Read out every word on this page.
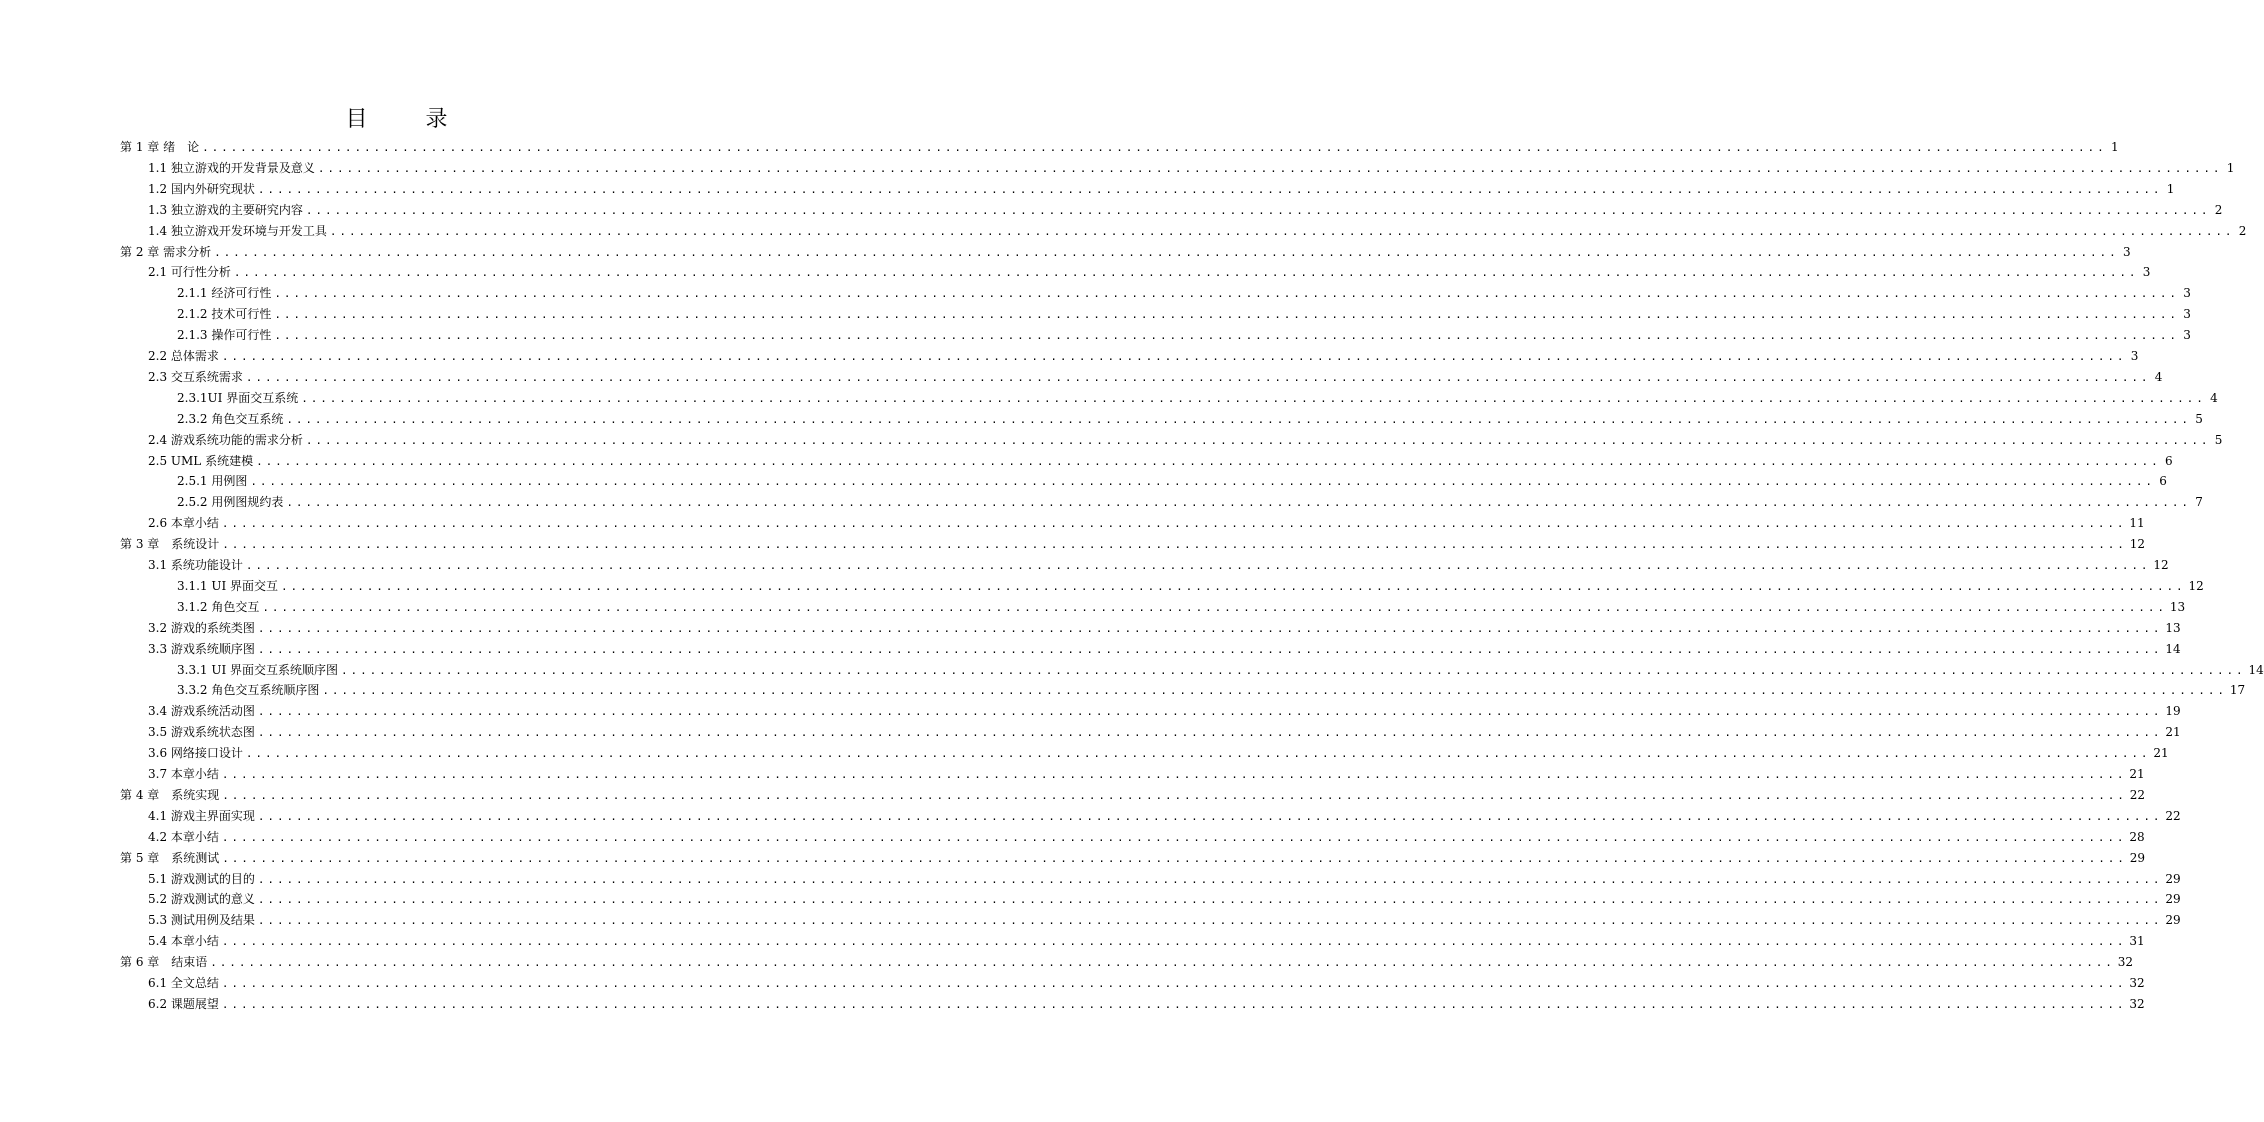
目　录
第 1 章 绪　论 ........................................................................................................................................................................................................ 1
1.1 独立游戏的开发背景及意义 ........................................................................................................................................................................................................ 1
1.2 国内外研究现状 ........................................................................................................................................................................................................ 1
1.3 独立游戏的主要研究内容 ........................................................................................................................................................................................................ 2
1.4 独立游戏开发环境与开发工具 ........................................................................................................................................................................................................ 2
第 2 章 需求分析 ........................................................................................................................................................................................................ 3
2.1 可行性分析 ........................................................................................................................................................................................................ 3
2.1.1 经济可行性 ........................................................................................................................................................................................................ 3
2.1.2 技术可行性 ........................................................................................................................................................................................................ 3
2.1.3 操作可行性 ........................................................................................................................................................................................................ 3
2.2 总体需求 ........................................................................................................................................................................................................ 3
2.3 交互系统需求 ........................................................................................................................................................................................................ 4
2.3.1UI 界面交互系统 ........................................................................................................................................................................................................ 4
2.3.2 角色交互系统 ........................................................................................................................................................................................................ 5
2.4 游戏系统功能的需求分析 ........................................................................................................................................................................................................ 5
2.5 UML 系统建模 ........................................................................................................................................................................................................ 6
2.5.1 用例图 ........................................................................................................................................................................................................ 6
2.5.2 用例图规约表 ........................................................................................................................................................................................................ 7
2.6 本章小结 ........................................................................................................................................................................................................ 11
第 3 章　系统设计 ........................................................................................................................................................................................................ 12
3.1 系统功能设计 ........................................................................................................................................................................................................ 12
3.1.1 UI 界面交互 ........................................................................................................................................................................................................ 12
3.1.2 角色交互 ........................................................................................................................................................................................................ 13
3.2 游戏的系统类图 ........................................................................................................................................................................................................ 13
3.3 游戏系统顺序图 ........................................................................................................................................................................................................ 14
3.3.1 UI 界面交互系统顺序图 ........................................................................................................................................................................................................ 14
3.3.2 角色交互系统顺序图 ........................................................................................................................................................................................................ 17
3.4 游戏系统活动图 ........................................................................................................................................................................................................ 19
3.5 游戏系统状态图 ........................................................................................................................................................................................................ 21
3.6 网络接口设计 ........................................................................................................................................................................................................ 21
3.7 本章小结 ........................................................................................................................................................................................................ 21
第 4 章　系统实现 ........................................................................................................................................................................................................ 22
4.1 游戏主界面实现 ........................................................................................................................................................................................................ 22
4.2 本章小结 ........................................................................................................................................................................................................ 28
第 5 章　系统测试 ........................................................................................................................................................................................................ 29
5.1 游戏测试的目的 ........................................................................................................................................................................................................ 29
5.2 游戏测试的意义 ........................................................................................................................................................................................................ 29
5.3 测试用例及结果 ........................................................................................................................................................................................................ 29
5.4 本章小结 ........................................................................................................................................................................................................ 31
第 6 章　结束语 ........................................................................................................................................................................................................ 32
6.1 全文总结 ........................................................................................................................................................................................................ 32
6.2 课题展望 ........................................................................................................................................................................................................ 32
